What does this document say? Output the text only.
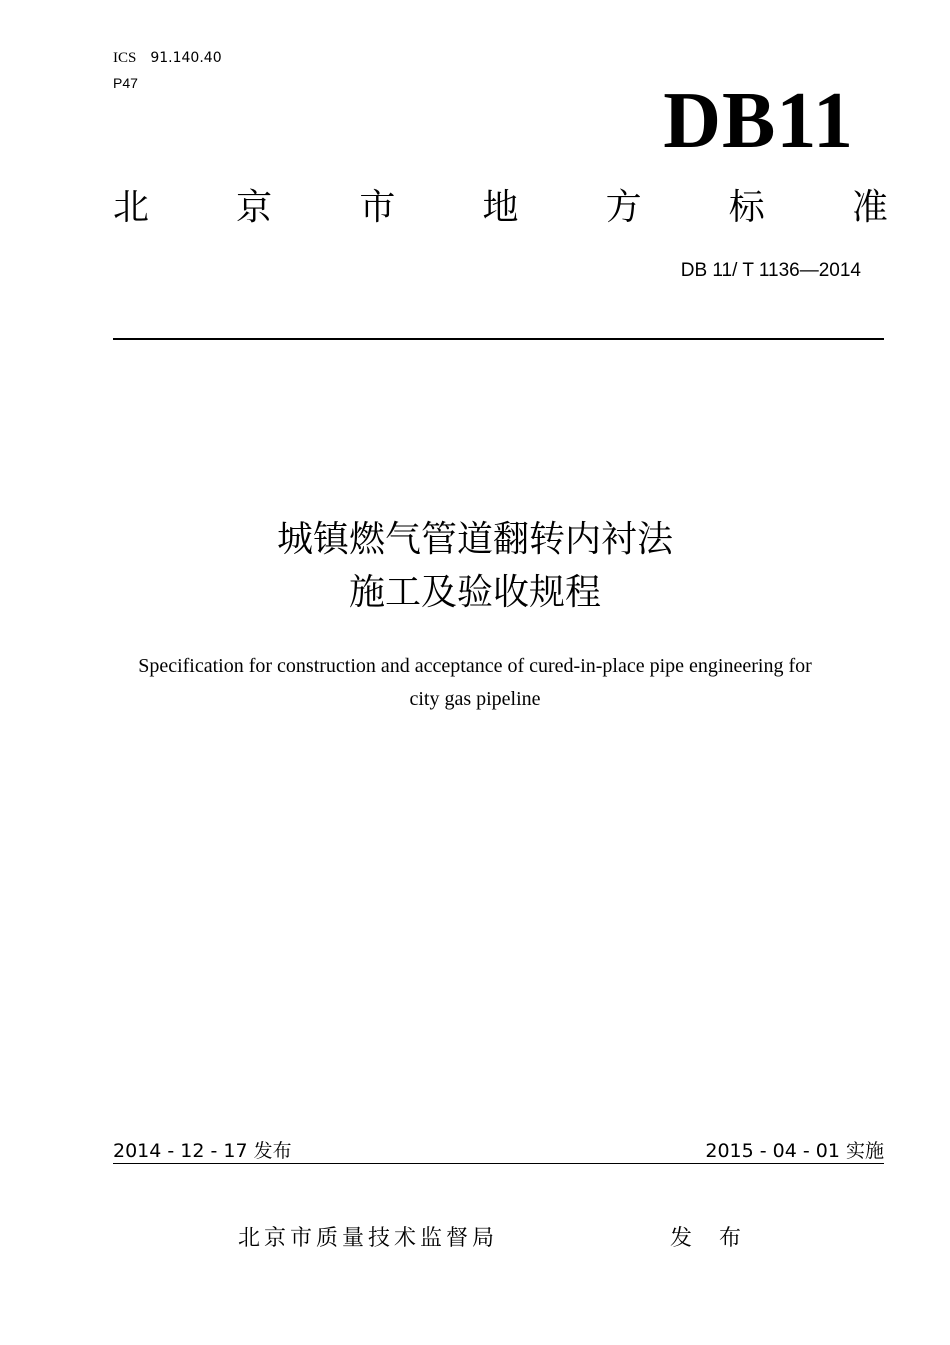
ICS 91.140.40
P47	DB11
北 京 市 地 方 标 准
DB 11/ T 1136—2014
城镇燃气管道翻转内衬法
施工及验收规程
Specification for construction and acceptance of cured-in-place pipe engineering for
city gas pipeline
2014 - 12 - 17 发布	2015 - 04 - 01 实施
北京市质量技术监督局	发 布
